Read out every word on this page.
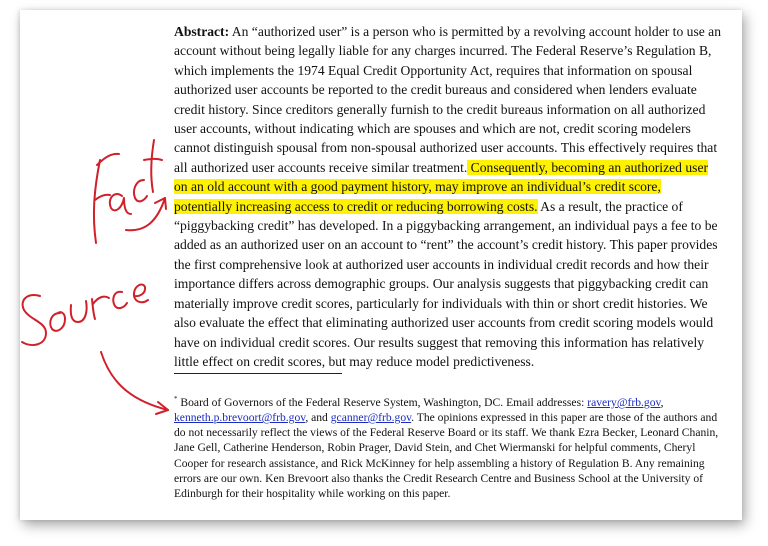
Abstract: An “authorized user” is a person who is permitted by a revolving account holder to use an account without being legally liable for any charges incurred. The Federal Reserve’s Regulation B, which implements the 1974 Equal Credit Opportunity Act, requires that information on spousal authorized user accounts be reported to the credit bureaus and considered when lenders evaluate credit history. Since creditors generally furnish to the credit bureaus information on all authorized user accounts, without indicating which are spouses and which are not, credit scoring modelers cannot distinguish spousal from non-spousal authorized user accounts. This effectively requires that all authorized user accounts receive similar treatment. Consequently, becoming an authorized user on an old account with a good payment history, may improve an individual’s credit score, potentially increasing access to credit or reducing borrowing costs. As a result, the practice of “piggybacking credit” has developed. In a piggybacking arrangement, an individual pays a fee to be added as an authorized user on an account to “rent” the account’s credit history. This paper provides the first comprehensive look at authorized user accounts in individual credit records and how their importance differs across demographic groups. Our analysis suggests that piggybacking credit can materially improve credit scores, particularly for individuals with thin or short credit histories. We also evaluate the effect that eliminating authorized user accounts from credit scoring models would have on individual credit scores. Our results suggest that removing this information has relatively little effect on credit scores, but may reduce model predictiveness.
* Board of Governors of the Federal Reserve System, Washington, DC. Email addresses: ravery@frb.gov, kenneth.p.brevoort@frb.gov, and gcanner@frb.gov. The opinions expressed in this paper are those of the authors and do not necessarily reflect the views of the Federal Reserve Board or its staff. We thank Ezra Becker, Leonard Chanin, Jane Gell, Catherine Henderson, Robin Prager, David Stein, and Chet Wiermanski for helpful comments, Cheryl Cooper for research assistance, and Rick McKinney for help assembling a history of Regulation B. Any remaining errors are our own. Ken Brevoort also thanks the Credit Research Centre and Business School at the University of Edinburgh for their hospitality while working on this paper.
